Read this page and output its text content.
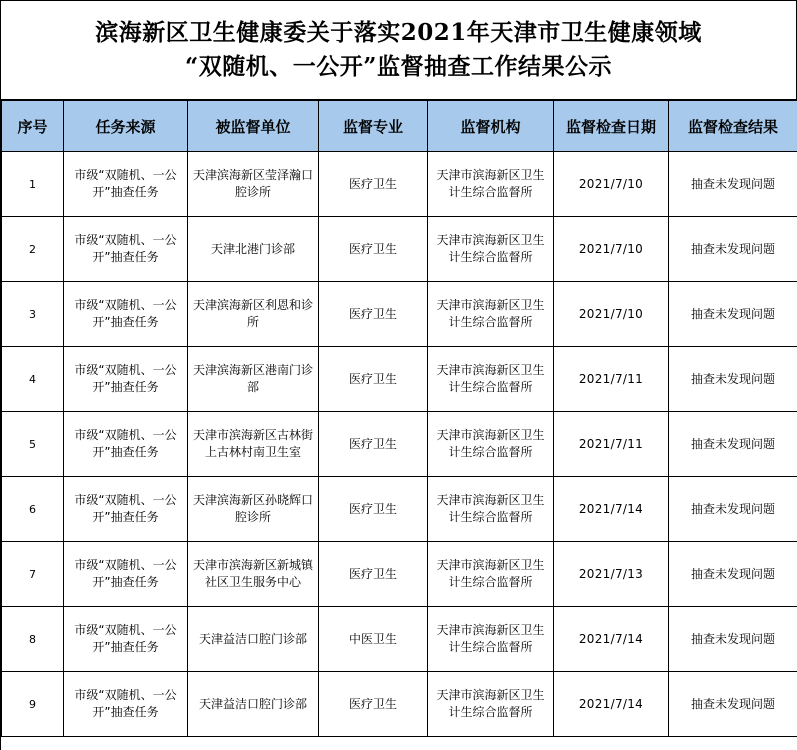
滨海新区卫生健康委关于落实2021年天津市卫生健康领域
“双随机、一公开”监督抽查工作结果公示
序号	任务来源	被监督单位	监督专业	监督机构	监督检查日期	监督检查结果
1	市级“双随机、一公开”抽查任务	天津滨海新区莹泽瀚口腔诊所	医疗卫生	天津市滨海新区卫生计生综合监督所	2021/7/10	抽查未发现问题
2	市级“双随机、一公开”抽查任务	天津北港门诊部	医疗卫生	天津市滨海新区卫生计生综合监督所	2021/7/10	抽查未发现问题
3	市级“双随机、一公开”抽查任务	天津滨海新区利恩和诊所	医疗卫生	天津市滨海新区卫生计生综合监督所	2021/7/10	抽查未发现问题
4	市级“双随机、一公开”抽查任务	天津滨海新区港南门诊部	医疗卫生	天津市滨海新区卫生计生综合监督所	2021/7/11	抽查未发现问题
5	市级“双随机、一公开”抽查任务	天津市滨海新区古林街上古林村南卫生室	医疗卫生	天津市滨海新区卫生计生综合监督所	2021/7/11	抽查未发现问题
6	市级“双随机、一公开”抽查任务	天津滨海新区孙晓辉口腔诊所	医疗卫生	天津市滨海新区卫生计生综合监督所	2021/7/14	抽查未发现问题
7	市级“双随机、一公开”抽查任务	天津市滨海新区新城镇社区卫生服务中心	医疗卫生	天津市滨海新区卫生计生综合监督所	2021/7/13	抽查未发现问题
8	市级“双随机、一公开”抽查任务	天津益洁口腔门诊部	中医卫生	天津市滨海新区卫生计生综合监督所	2021/7/14	抽查未发现问题
9	市级“双随机、一公开”抽查任务	天津益洁口腔门诊部	医疗卫生	天津市滨海新区卫生计生综合监督所	2021/7/14	抽查未发现问题
